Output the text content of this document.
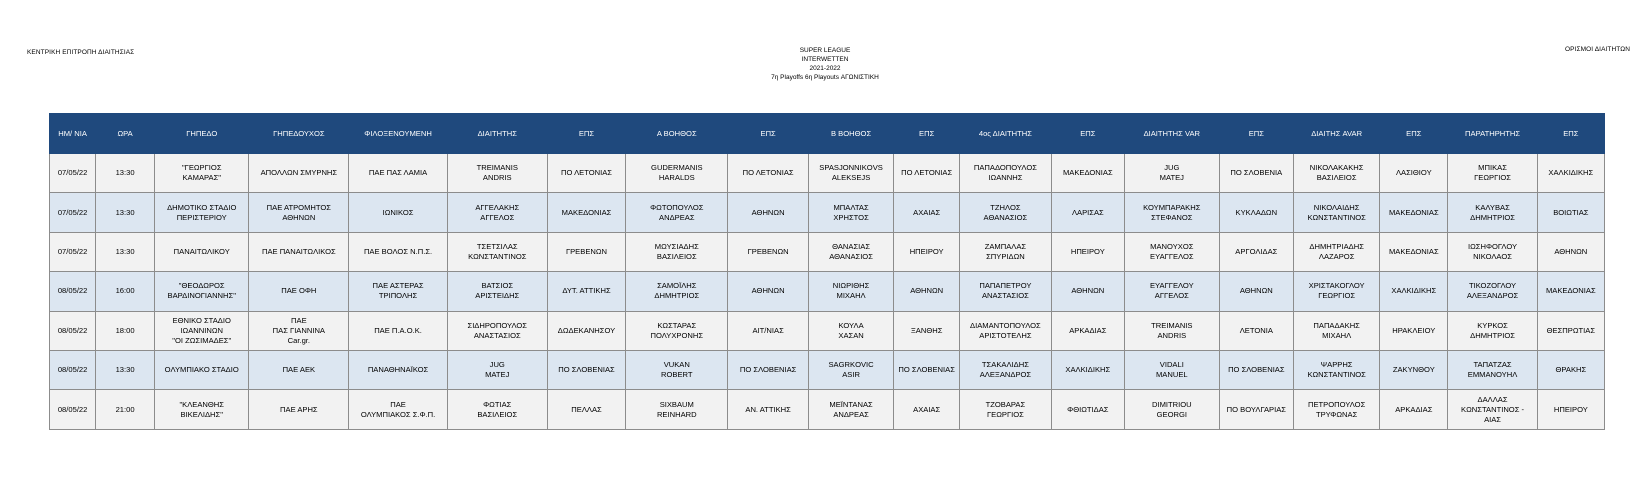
ΚΕΝΤΡΙΚΗ ΕΠΙΤΡΟΠΗ ΔΙΑΙΤΗΣΙΑΣ	SUPER LEAGUE
INTERWETTEN
2021-2022
7η Playoffs 6η Playouts ΑΓΩΝΙΣΤΙΚΗ
ΟΡΙΣΜΟΙ ΔΙΑΙΤΗΤΩΝ
ΗΜ/ ΝΙΑ	ΩΡΑ	ΓΗΠΕΔΟ	ΓΗΠΕΔΟΥΧΟΣ	ΦΙΛΟΞΕΝΟΥΜΕΝΗ	ΔΙΑΙΤΗΤΗΣ	ΕΠΣ	Α ΒΟΗΘΟΣ	ΕΠΣ	Β ΒΟΗΘΟΣ	ΕΠΣ	4ος ΔΙΑΙΤΗΤΗΣ	ΕΠΣ	ΔΙΑΙΤΗΤΗΣ VAR	ΕΠΣ	ΔΙΑΙΤΗΣ AVAR	ΕΠΣ	ΠΑΡΑΤΗΡΗΤΗΣ	ΕΠΣ
07/05/22	13:30	"ΓΕΩΡΓΙΟΣ
ΚΑΜΑΡΑΣ"	ΑΠΟΛΛΩΝ ΣΜΥΡΝΗΣ	ΠΑΕ ΠΑΣ ΛΑΜΙΑ	TREIMANIS
ANDRIS	ΠΟ ΛΕΤΟΝΙΑΣ	GUDERMANIS
HARALDS	ΠΟ ΛΕΤΟΝΙΑΣ	SPASJONNIKOVS
ALEKSEJS	ΠΟ ΛΕΤΟΝΙΑΣ	ΠΑΠΑΔΟΠΟΥΛΟΣ
ΙΩΑΝΝΗΣ	ΜΑΚΕΔΟΝΙΑΣ	JUG
MATEJ	ΠΟ ΣΛΟΒΕΝΙΑ	ΝΙΚΟΛΑΚΑΚΗΣ
ΒΑΣΙΛΕΙΟΣ	ΛΑΣΙΘΙΟΥ	ΜΠΙΚΑΣ
ΓΕΩΡΓΙΟΣ	ΧΑΛΚΙΔΙΚΗΣ
07/05/22	13:30	ΔΗΜΟΤΙΚΟ ΣΤΑΔΙΟ
ΠΕΡΙΣΤΕΡΙΟΥ	ΠΑΕ ΑΤΡΟΜΗΤΟΣ
ΑΘΗΝΩΝ	ΙΩΝΙΚΟΣ	ΑΓΓΕΛΑΚΗΣ
ΑΓΓΕΛΟΣ	ΜΑΚΕΔΟΝΙΑΣ	ΦΩΤΟΠΟΥΛΟΣ
ΑΝΔΡΕΑΣ	ΑΘΗΝΩΝ	ΜΠΑΛΤΑΣ
ΧΡΗΣΤΟΣ	ΑΧΑΙΑΣ	ΤΖΗΛΟΣ
ΑΘΑΝΑΣΙΟΣ	ΛΑΡΙΣΑΣ	ΚΟΥΜΠΑΡΑΚΗΣ
ΣΤΕΦΑΝΟΣ	ΚΥΚΛΑΔΩΝ	ΝΙΚΟΛΑΙΔΗΣ
ΚΩΝΣΤΑΝΤΙΝΟΣ	ΜΑΚΕΔΟΝΙΑΣ	ΚΑΛΥΒΑΣ
ΔΗΜΗΤΡΙΟΣ	ΒΟΙΩΤΙΑΣ
07/05/22	13:30	ΠΑΝΑΙΤΩΛΙΚΟΥ	ΠΑΕ ΠΑΝΑΙΤΩΛΙΚΟΣ	ΠΑΕ ΒΟΛΟΣ Ν.Π.Σ.	ΤΣΕΤΣΙΛΑΣ
ΚΩΝΣΤΑΝΤΙΝΟΣ	ΓΡΕΒΕΝΩΝ	ΜΩΥΣΙΑΔΗΣ
ΒΑΣΙΛΕΙΟΣ	ΓΡΕΒΕΝΩΝ	ΘΑΝΑΣΙΑΣ
ΑΘΑΝΑΣΙΟΣ	ΗΠΕΙΡΟΥ	ΖΑΜΠΑΛΑΣ
ΣΠΥΡΙΔΩΝ	ΗΠΕΙΡΟΥ	ΜΑΝΟΥΧΟΣ
ΕΥΑΓΓΕΛΟΣ	ΑΡΓΟΛΙΔΑΣ	ΔΗΜΗΤΡΙΑΔΗΣ
ΛΑΖΑΡΟΣ	ΜΑΚΕΔΟΝΙΑΣ	ΙΩΣΗΦΟΓΛΟΥ
ΝΙΚΟΛΑΟΣ	ΑΘΗΝΩΝ
08/05/22	16:00	"ΘΕΟΔΩΡΟΣ
ΒΑΡΔΙΝΟΓΙΑΝΝΗΣ"	ΠΑΕ ΟΦΗ	ΠΑΕ ΑΣΤΕΡΑΣ
ΤΡΙΠΟΛΗΣ	ΒΑΤΣΙΟΣ
ΑΡΙΣΤΕΙΔΗΣ	ΔΥΤ. ΑΤΤΙΚΗΣ	ΣΑΜΟΪΛΗΣ
ΔΗΜΗΤΡΙΟΣ	ΑΘΗΝΩΝ	ΝΙΩΡΙΘΗΣ
ΜΙΧΑΗΛ	ΑΘΗΝΩΝ	ΠΑΠΑΠΕΤΡΟΥ
ΑΝΑΣΤΑΣΙΟΣ	ΑΘΗΝΩΝ	ΕΥΑΓΓΕΛΟΥ
ΑΓΓΕΛΟΣ	ΑΘΗΝΩΝ	ΧΡΙΣΤΑΚΟΓΛΟΥ
ΓΕΩΡΓΙΟΣ	ΧΑΛΚΙΔΙΚΗΣ	ΤΙΚΟΖΟΓΛΟΥ
ΑΛΕΞΑΝΔΡΟΣ	ΜΑΚΕΔΟΝΙΑΣ
08/05/22	18:00	ΕΘΝΙΚΟ ΣΤΑΔΙΟ
ΙΩΑΝΝΙΝΩΝ
"ΟΙ ΖΩΣΙΜΑΔΕΣ"	ΠΑΕ
ΠΑΣ ΓΙΑΝΝΙΝΑ
Car.gr.	ΠΑΕ Π.Α.Ο.Κ.	ΣΙΔΗΡΟΠΟΥΛΟΣ
ΑΝΑΣΤΑΣΙΟΣ	ΔΩΔΕΚΑΝΗΣΟΥ	ΚΩΣΤΑΡΑΣ
ΠΟΛΥΧΡΟΝΗΣ	ΑΙΤ/ΝΙΑΣ	ΚΟΥΛΑ
ΧΑΣΑΝ	ΞΑΝΘΗΣ	ΔΙΑΜΑΝΤΟΠΟΥΛΟΣ
ΑΡΙΣΤΟΤΕΛΗΣ	ΑΡΚΑΔΙΑΣ	TREIMANIS
ANDRIS	ΛΕΤΟΝΙΑ	ΠΑΠΑΔΑΚΗΣ
ΜΙΧΑΗΛ	ΗΡΑΚΛΕΙΟΥ	ΚΥΡΚΟΣ
ΔΗΜΗΤΡΙΟΣ	ΘΕΣΠΡΩΤΙΑΣ
08/05/22	13:30	ΟΛΥΜΠΙΑΚΟ ΣΤΑΔΙΟ	ΠΑΕ ΑΕΚ	ΠΑΝΑΘΗΝΑΪΚΟΣ	JUG
MATEJ	ΠΟ ΣΛΟΒΕΝΙΑΣ	VUKAN
ROBERT	ΠΟ ΣΛΟΒΕΝΙΑΣ	SAGRKOVIC
ASIR	ΠΟ ΣΛΟΒΕΝΙΑΣ	ΤΣΑΚΑΛΙΔΗΣ
ΑΛΕΞΑΝΔΡΟΣ	ΧΑΛΚΙΔΙΚΗΣ	VIDALI
MANUEL	ΠΟ ΣΛΟΒΕΝΙΑΣ	ΨΑΡΡΗΣ
ΚΩΝΣΤΑΝΤΙΝΟΣ	ΖΑΚΥΝΘΟΥ	ΤΑΠΑΤΖΑΣ
ΕΜΜΑΝΟΥΗΛ	ΘΡΑΚΗΣ
08/05/22	21:00	"ΚΛΕΑΝΘΗΣ
ΒΙΚΕΛΙΔΗΣ"	ΠΑΕ ΑΡΗΣ	ΠΑΕ
ΟΛΥΜΠΙΑΚΟΣ Σ.Φ.Π.	ΦΩΤΙΑΣ
ΒΑΣΙΛΕΙΟΣ	ΠΕΛΛΑΣ	SIXBAUM
REINHARD	ΑΝ. ΑΤΤΙΚΗΣ	ΜΕΪΝΤΑΝΑΣ
ΑΝΔΡΕΑΣ	ΑΧΑΙΑΣ	ΤΖΟΒΑΡΑΣ
ΓΕΩΡΓΙΟΣ	ΦΘΙΩΤΙΔΑΣ	DIMITRIOU
GEORGI	ΠΟ ΒΟΥΛΓΑΡΙΑΣ	ΠΕΤΡΟΠΟΥΛΟΣ
ΤΡΥΦΩΝΑΣ	ΑΡΚΑΔΙΑΣ	ΔΑΛΛΑΣ
ΚΩΝΣΤΑΝΤΙΝΟΣ -
ΑΙΑΣ	ΗΠΕΙΡΟΥ
